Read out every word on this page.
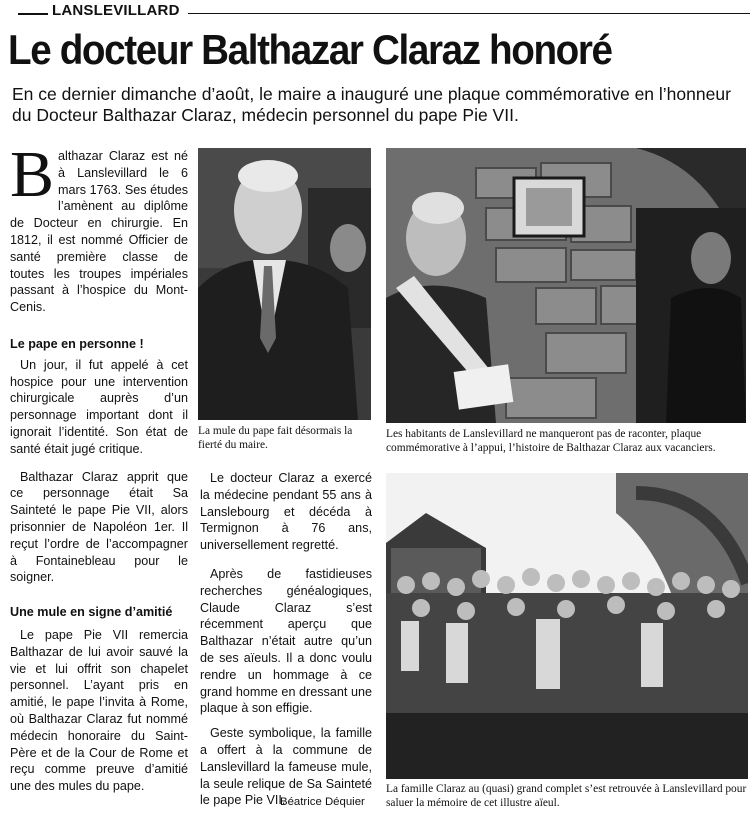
LANSLEVILLARD
Le docteur Balthazar Claraz honoré
En ce dernier dimanche d’août, le maire a inauguré une plaque commémorative en l’honneur du Docteur Balthazar Claraz, médecin personnel du pape Pie VII.

Balthazar Claraz est né à Lanslevillard le 6 mars 1763. Ses études l’amènent au diplôme de Docteur en chirurgie. En 1812, il est nommé Officier de santé première classe de toutes les troupes impériales passant à l’hospice du Mont-Cenis.

Le pape en personne !

Un jour, il fut appelé à cet hospice pour une intervention chirurgicale auprès d’un personnage important dont il ignorait l’identité. Son état de santé était jugé critique.

Balthazar Claraz apprit que ce personnage était Sa Sainteté le pape Pie VII, alors prisonnier de Napoléon 1er. Il reçut l’ordre de l’accompagner à Fontainebleau pour le soigner.

Une mule en signe d’amitié

Le pape Pie VII remercia Balthazar de lui avoir sauvé la vie et lui offrit son chapelet personnel. L’ayant pris en amitié, le pape l’invita à Rome, où Balthazar Claraz fut nommé médecin honoraire du Saint-Père et de la Cour de Rome et reçu comme preuve d’amitié une des mules du pape.

La mule du pape fait désormais la fierté du maire.
Les habitants de Lanslevillard ne manqueront pas de raconter, plaque commémorative à l’appui, l’histoire de Balthazar Claraz aux vacanciers.

Le docteur Claraz a exercé la médecine pendant 55 ans à Lanslebourg et décéda à Termignon à 76 ans, universellement regretté.

Après de fastidieuses recherches généalogiques, Claude Claraz s’est récemment aperçu que Balthazar n’était autre qu’un de ses aïeuls. Il a donc voulu rendre un hommage à ce grand homme en dressant une plaque à son effigie.

Geste symbolique, la famille a offert à la commune de Lanslevillard la fameuse mule, la seule relique de Sa Sainteté le pape Pie VII.

Béatrice Déquier
La famille Claraz au (quasi) grand complet s’est retrouvée à Lanslevillard pour saluer la mémoire de cet illustre aïeul.
